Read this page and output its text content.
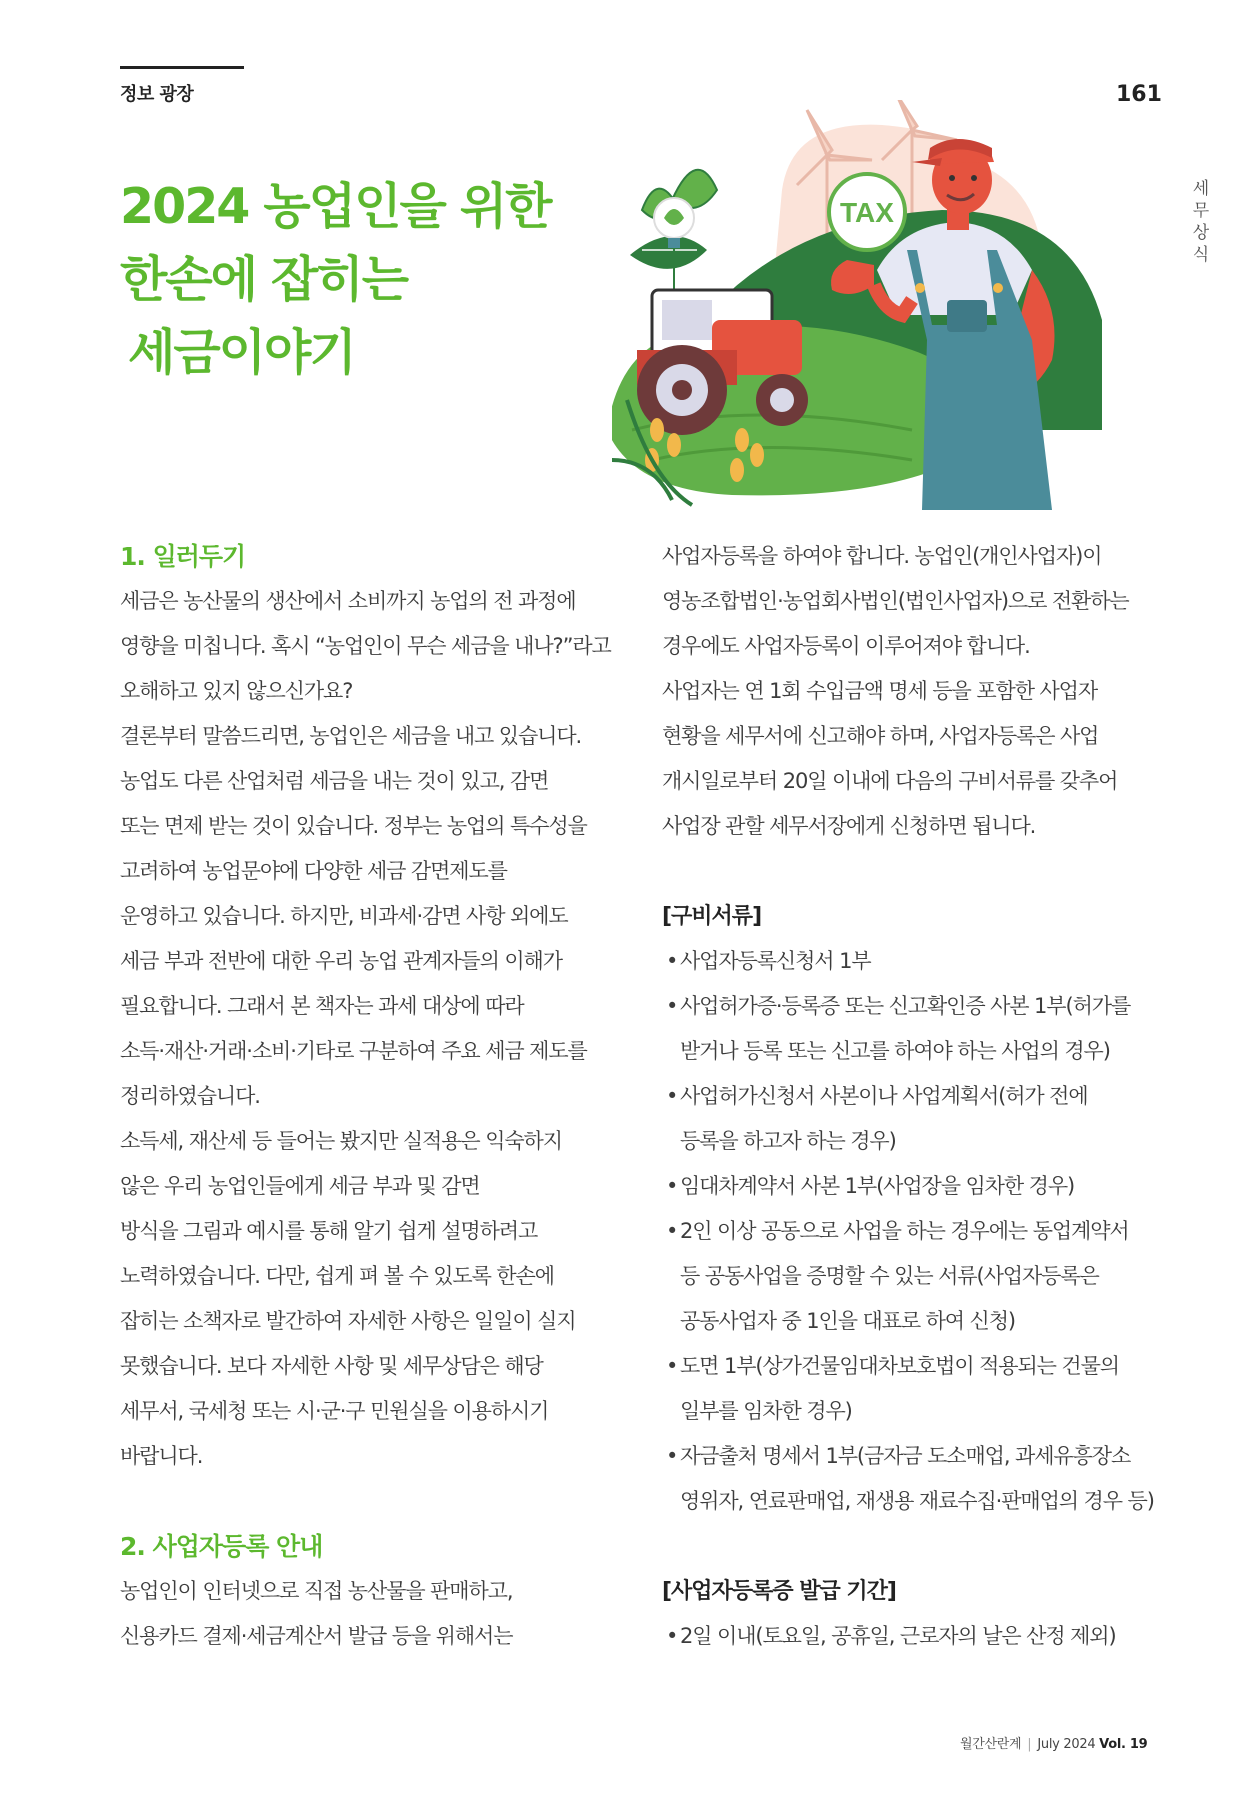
정보 광장	161
세
무
상
식
2024 농업인을 위한
한손에 잡히는
세금이야기
TAX

1. 일러두기

세금은 농산물의 생산에서 소비까지 농업의 전 과정에
영향을 미칩니다. 혹시 “농업인이 무슨 세금을 내나?”라고
오해하고 있지 않으신가요?
결론부터 말씀드리면, 농업인은 세금을 내고 있습니다.
농업도 다른 산업처럼 세금을 내는 것이 있고, 감면
또는 면제 받는 것이 있습니다. 정부는 농업의 특수성을
고려하여 농업문야에 다양한 세금 감면제도를
운영하고 있습니다. 하지만, 비과세·감면 사항 외에도
세금 부과 전반에 대한 우리 농업 관계자들의 이해가
필요합니다. 그래서 본 책자는 과세 대상에 따라
소득·재산·거래·소비·기타로 구분하여 주요 세금 제도를
정리하였습니다.
소득세, 재산세 등 들어는 봤지만 실적용은 익숙하지
않은 우리 농업인들에게 세금 부과 및 감면
방식을 그림과 예시를 통해 알기 쉽게 설명하려고
노력하였습니다. 다만, 쉽게 펴 볼 수 있도록 한손에
잡히는 소책자로 발간하여 자세한 사항은 일일이 실지
못했습니다. 보다 자세한 사항 및 세무상담은 해당
세무서, 국세청 또는 시·군·구 민원실을 이용하시기
바랍니다.

2. 사업자등록 안내

농업인이 인터넷으로 직접 농산물을 판매하고,
신용카드 결제·세금계산서 발급 등을 위해서는

사업자등록을 하여야 합니다. 농업인(개인사업자)이
영농조합법인·농업회사법인(법인사업자)으로 전환하는
경우에도 사업자등록이 이루어져야 합니다.
사업자는 연 1회 수입금액 명세 등을 포함한 사업자
현황을 세무서에 신고해야 하며, 사업자등록은 사업
개시일로부터 20일 이내에 다음의 구비서류를 갖추어
사업장 관할 세무서장에게 신청하면 됩니다.

[구비서류]

• 사업자등록신청서 1부
• 사업허가증·등록증 또는 신고확인증 사본 1부(허가를
받거나 등록 또는 신고를 하여야 하는 사업의 경우)
• 사업허가신청서 사본이나 사업계획서(허가 전에
등록을 하고자 하는 경우)
• 임대차계약서 사본 1부(사업장을 임차한 경우)
• 2인 이상 공동으로 사업을 하는 경우에는 동업계약서
등 공동사업을 증명할 수 있는 서류(사업자등록은
공동사업자 중 1인을 대표로 하여 신청)
• 도면 1부(상가건물임대차보호법이 적용되는 건물의
일부를 임차한 경우)
• 자금출처 명세서 1부(금자금 도소매업, 과세유흥장소
영위자, 연료판매업, 재생용 재료수집·판매업의 경우 등)

[사업자등록증 발급 기간]

• 2일 이내(토요일, 공휴일, 근로자의 날은 산정 제외)
월간산란계 | July 2024 Vol. 19
